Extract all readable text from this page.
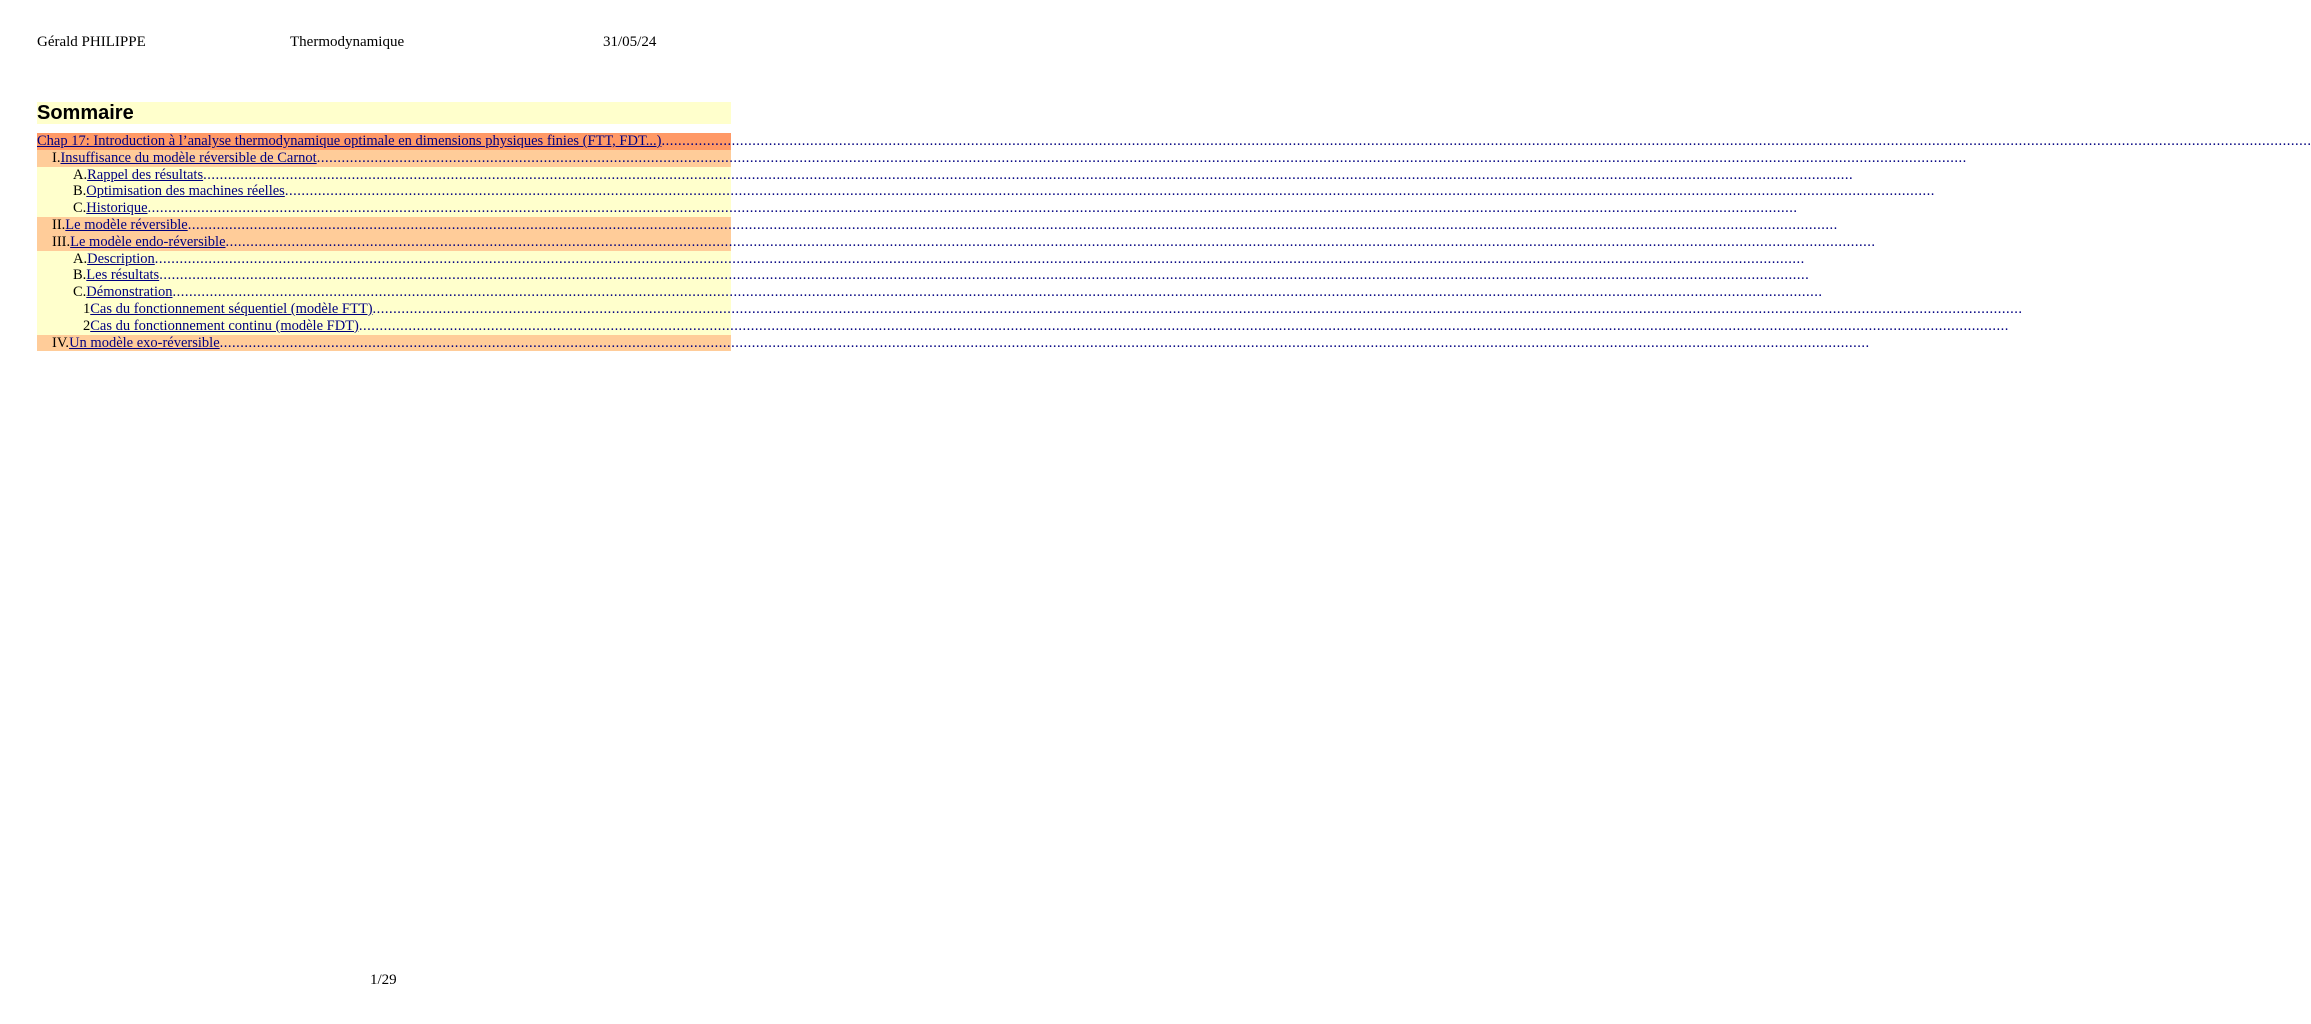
Gérald PHILIPPE	Thermodynamique	31/05/24
Sommaire
Chap 17: Introduction à l’analyse thermodynamique optimale en dimensions physiques finies (FTT, FDT...) ................................................................................................................................................................................................................................................................................................................................................................................................................
I. Insuffisance du modèle réversible de Carnot ................................................................................................................................................................................................................................................................................................................................................................................................................
A. Rappel des résultats ................................................................................................................................................................................................................................................................................................................................................................................................................
B. Optimisation des machines réelles ................................................................................................................................................................................................................................................................................................................................................................................................................
C. Historique ................................................................................................................................................................................................................................................................................................................................................................................................................
II. Le modèle réversible ................................................................................................................................................................................................................................................................................................................................................................................................................
III. Le modèle endo-réversible ................................................................................................................................................................................................................................................................................................................................................................................................................
A. Description ................................................................................................................................................................................................................................................................................................................................................................................................................
B. Les résultats ................................................................................................................................................................................................................................................................................................................................................................................................................
C. Démonstration ................................................................................................................................................................................................................................................................................................................................................................................................................
1 Cas du fonctionnement séquentiel (modèle FTT) ................................................................................................................................................................................................................................................................................................................................................................................................................
2 Cas du fonctionnement continu (modèle FDT) ................................................................................................................................................................................................................................................................................................................................................................................................................
IV. Un modèle exo-réversible ................................................................................................................................................................................................................................................................................................................................................................................................................
1/29
